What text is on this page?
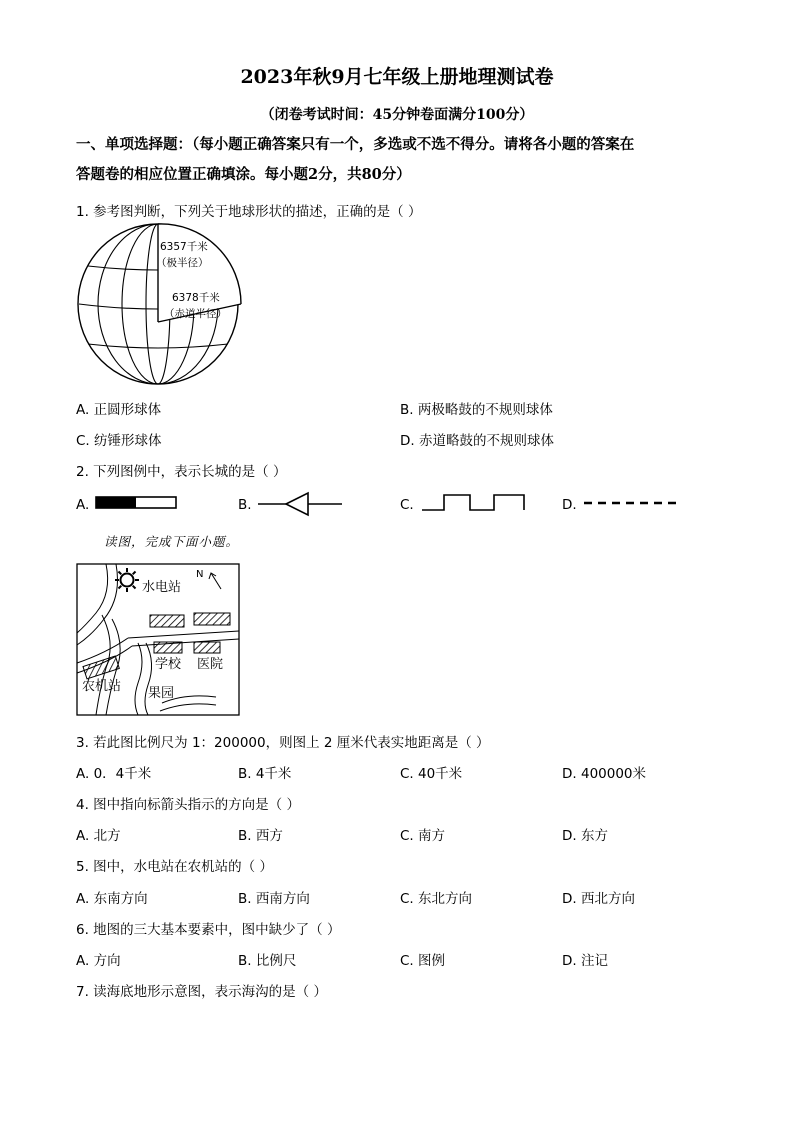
2023年秋9月七年级上册地理测试卷
（闭卷考试时间：45分钟卷面满分100分）
一、单项选择题：（每小题正确答案只有一个，多选或不选不得分。请将各小题的答案在
答题卷的相应位置正确填涂。每小题2分，共80分）
1. 参考图判断，下列关于地球形状的描述，正确的是（ ）
6357千米
（极半径）
6378千米
（赤道半径）
A. 正圆形球体	B. 两极略鼓的不规则球体
C. 纺锤形球体	D. 赤道略鼓的不规则球体
2. 下列图例中，表示长城的是（ ）
A.	B.	C.	D.
读图，完成下面小题。
水电站
N
学校 医院
农机站 果园
3. 若此图比例尺为 1：200000，则图上 2 厘米代表实地距离是（ ）
A. 0．4千米	B. 4千米	C. 40千米	D. 400000米
4. 图中指向标箭头指示的方向是（ ）
A. 北方	B. 西方	C. 南方	D. 东方
5. 图中，水电站在农机站的（ ）
A. 东南方向	B. 西南方向	C. 东北方向	D. 西北方向
6. 地图的三大基本要素中，图中缺少了（ ）
A. 方向	B. 比例尺	C. 图例	D. 注记
7. 读海底地形示意图，表示海沟的是（ ）
